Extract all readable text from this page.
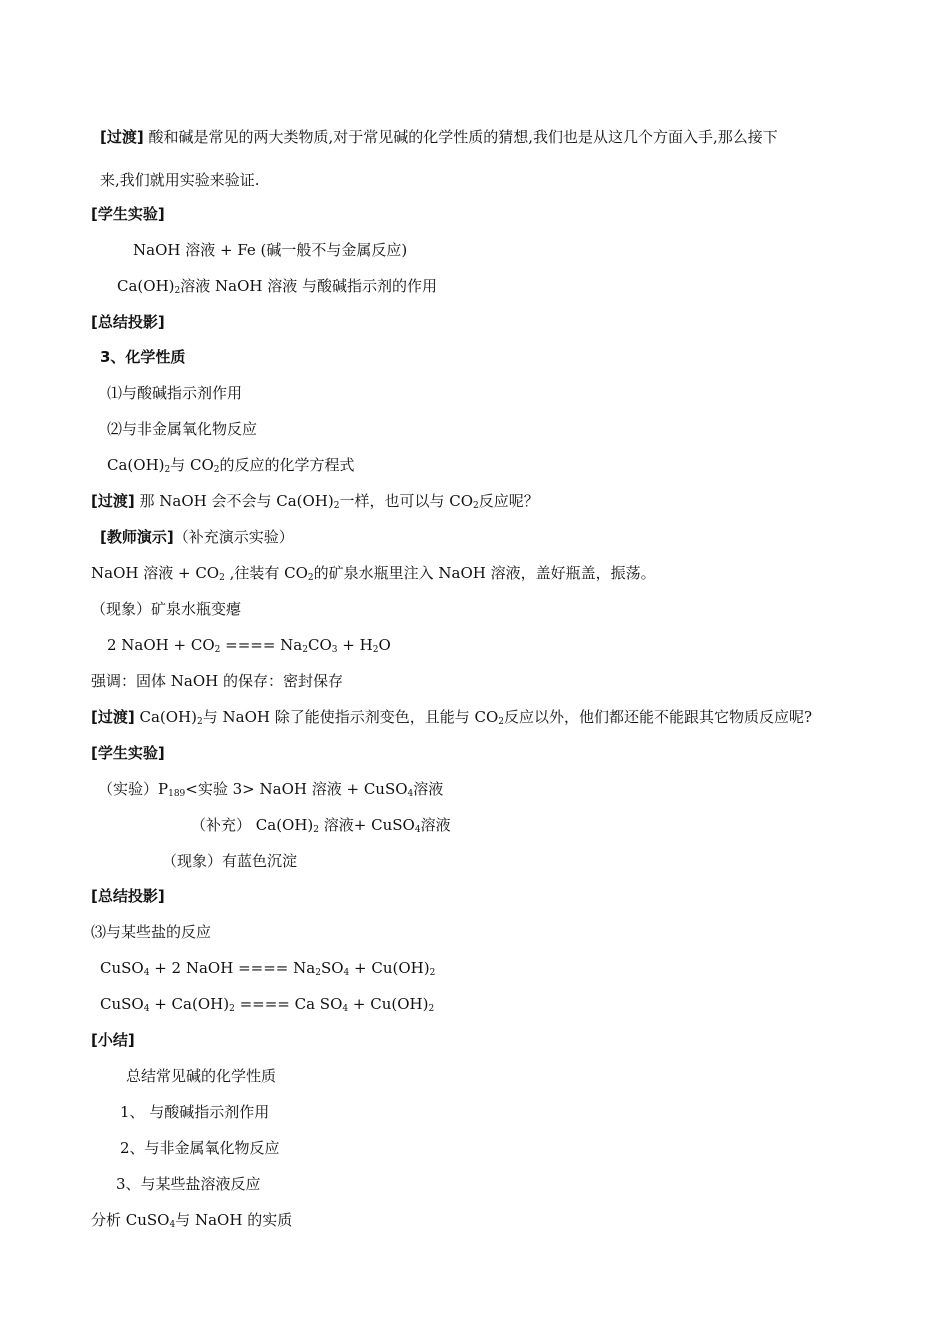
[过渡] 酸和碱是常见的两大类物质,对于常见碱的化学性质的猜想,我们也是从这几个方面入手,那么接下
来,我们就用实验来验证.
[学生实验]
NaOH 溶液 + Fe (碱一般不与金属反应)
$Ca(OH)_2$溶液 NaOH 溶液 与酸碱指示剂的作用
[总结投影]
3、化学性质
⑴与酸碱指示剂作用
⑵与非金属氧化物反应
$Ca(OH)_2$与 $CO_2$的反应的化学方程式
[过渡] 那 NaOH 会不会与 $Ca(OH)_2$一样，也可以与 $CO_2$反应呢？
[教师演示]（补充演示实验）
NaOH 溶液 + $CO_2$ ,往装有 $CO_2$的矿泉水瓶里注入 NaOH 溶液，盖好瓶盖，振荡。
（现象）矿泉水瓶变瘪
2 NaOH + $CO_2$ ==== $Na_2CO_3 + H_2O$
强调：固体 NaOH 的保存：密封保存
[过渡] $Ca(OH)_2$与 NaOH 除了能使指示剂变色，且能与 $CO_2$反应以外，他们都还能不能跟其它物质反应呢?
[学生实验]
（实验）$P_{189}<$实验 3> NaOH 溶液 + CuSO$_4$溶液
（补充） $Ca(OH)_2$ 溶液+ CuSO$_4$溶液
（现象）有蓝色沉淀
[总结投影]
⑶与某些盐的反应
CuSO$_4$ + 2 NaOH ==== $Na_2SO_4 + Cu(OH)_2$
CuSO$_4$ + $Ca(OH)_2$ ==== Ca $SO_4 + Cu(OH)_2$
[小结]
总结常见碱的化学性质
1、 与酸碱指示剂作用
2、与非金属氧化物反应
3、与某些盐溶液反应
分析 CuSO$_4$与 NaOH 的实质
